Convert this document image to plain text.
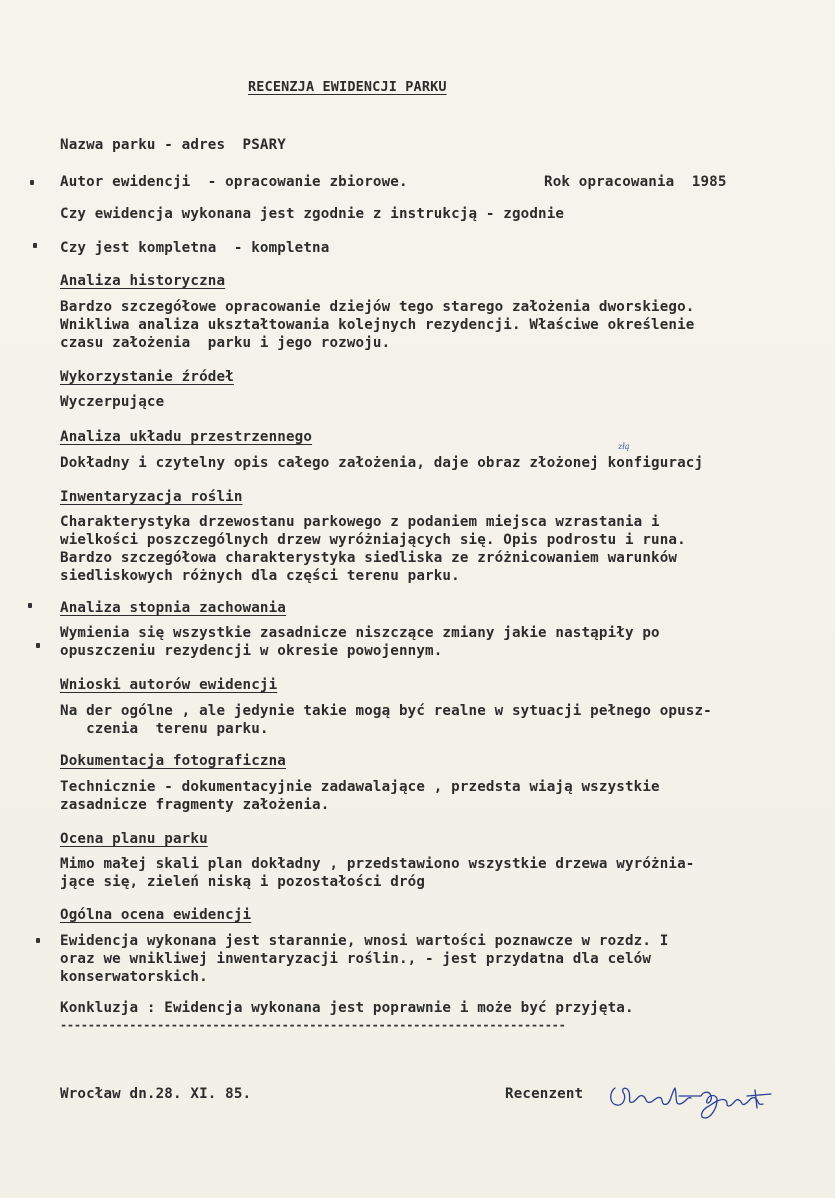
RECENZJA EWIDENCJI PARKU
Nazwa parku - adres  PSARY
Autor ewidencji  - opracowanie zbiorowe.	Rok opracowania  1985
Czy ewidencja wykonana jest zgodnie z instrukcją - zgodnie
Czy jest kompletna  - kompletna
Analiza historyczna
Bardzo szczegółowe opracowanie dziejów tego starego założenia dworskiego.
Wnikliwa analiza ukształtowania kolejnych rezydencji. Właściwe określenie
czasu założenia  parku i jego rozwoju.
Wykorzystanie źródeł
Wyczerpujące
Analiza układu przestrzennego
złą
Dokładny i czytelny opis całego założenia, daje obraz złożonej konfiguracj
Inwentaryzacja roślin
Charakterystyka drzewostanu parkowego z podaniem miejsca wzrastania i
wielkości poszczególnych drzew wyróżniających się. Opis podrostu i runa.
Bardzo szczegółowa charakterystyka siedliska ze zróżnicowaniem warunków
siedliskowych różnych dla części terenu parku.
Analiza stopnia zachowania
Wymienia się wszystkie zasadnicze niszczące zmiany jakie nastąpiły po
opuszczeniu rezydencji w okresie powojennym.
Wnioski autorów ewidencji
Na der ogólne , ale jedynie takie mogą być realne w sytuacji pełnego opusz-
czenia  terenu parku.
Dokumentacja fotograficzna
Technicznie - dokumentacyjnie zadawalające , przedsta wiają wszystkie
zasadnicze fragmenty założenia.
Ocena planu parku
Mimo małej skali plan dokładny , przedstawiono wszystkie drzewa wyróżnia-
jące się, zieleń niską i pozostałości dróg
Ogólna ocena ewidencji
Ewidencja wykonana jest starannie, wnosi wartości poznawcze w rozdz. I
oraz we wnikliwej inwentaryzacji roślin., - jest przydatna dla celów
konserwatorskich.
Konkluzja : Ewidencja wykonana jest poprawnie i może być przyjęta.
-------------------------------------------------------------------------
Wrocław dn.28. XI. 85.	Recenzent
